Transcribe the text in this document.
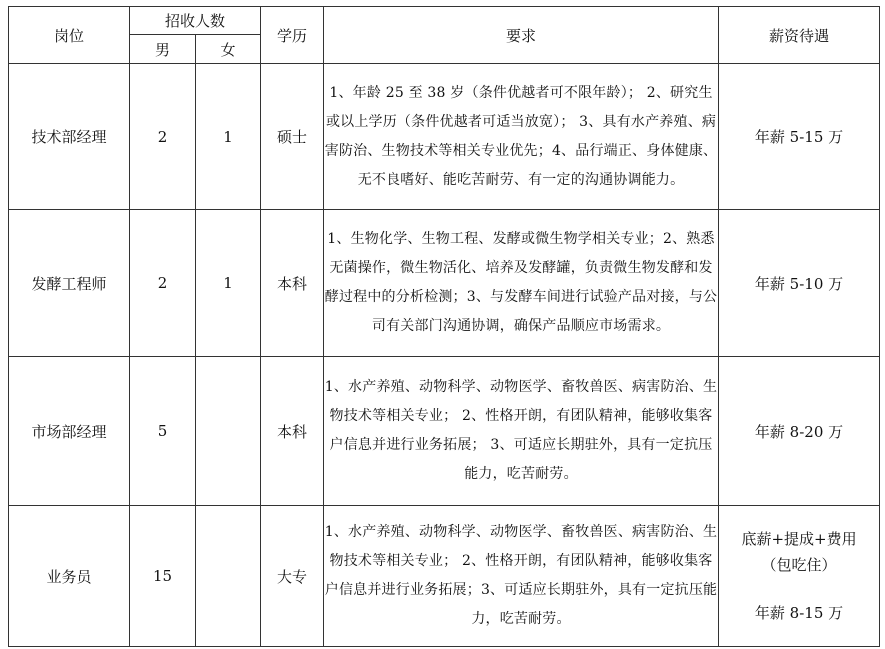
岗位	招收人数		学历	要求	薪资待遇
	男	女			
技术部经理	2	1	硕士	1、年龄 25 至 38 岁（条件优越者可不限年龄）； 2、研究生或以上学历（条件优越者可适当放宽）； 3、具有水产养殖、病害防治、生物技术等相关专业优先；4、品行端正、身体健康、无不良嗜好、能吃苦耐劳、有一定的沟通协调能力。	年薪 5-15 万
发酵工程师	2	1	本科	1、生物化学、生物工程、发酵或微生物学相关专业；2、熟悉无菌操作，微生物活化、培养及发酵罐，负责微生物发酵和发酵过程中的分析检测；3、与发酵车间进行试验产品对接，与公司有关部门沟通协调，确保产品顺应市场需求。	年薪 5-10 万
市场部经理	5		本科	1、水产养殖、动物科学、动物医学、畜牧兽医、病害防治、生物技术等相关专业； 2、性格开朗，有团队精神，能够收集客户信息并进行业务拓展； 3、可适应长期驻外，具有一定抗压能力，吃苦耐劳。	年薪 8-20 万
业务员	15		大专	1、水产养殖、动物科学、动物医学、畜牧兽医、病害防治、生物技术等相关专业； 2、性格开朗，有团队精神，能够收集客户信息并进行业务拓展；3、可适应长期驻外，具有一定抗压能力，吃苦耐劳。	底薪+提成+费用
（包吃住）
年薪 8-15 万
